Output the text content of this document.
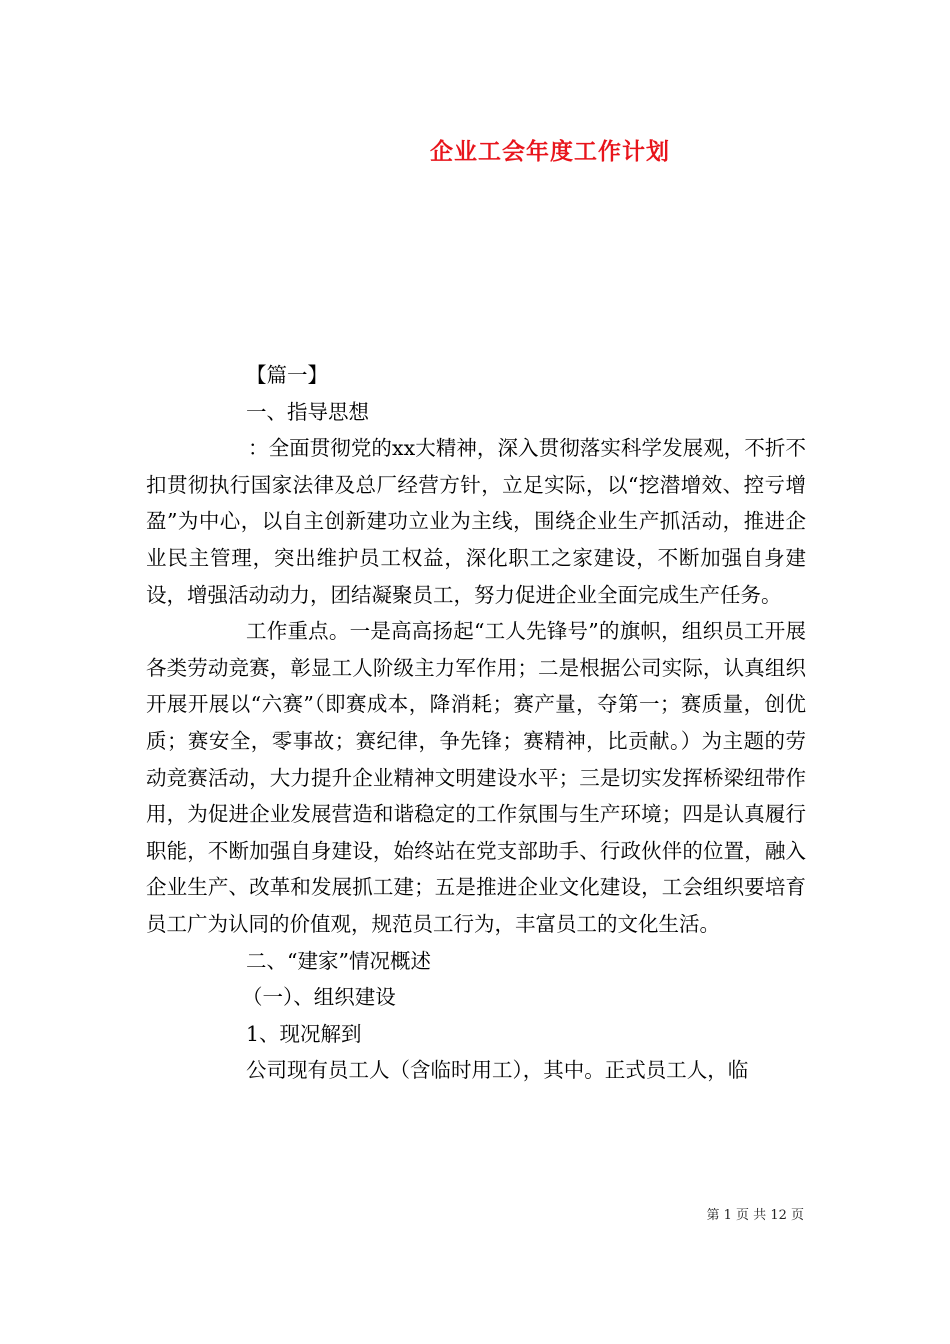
企业工会年度工作计划

【篇一】

一、指导思想

：全面贯彻党的xx大精神，深入贯彻落实科学发展观，不折不扣贯彻执行国家法律及总厂经营方针，立足实际，以“挖潜增效、控亏增盈”为中心，以自主创新建功立业为主线，围绕企业生产抓活动，推进企业民主管理，突出维护员工权益，深化职工之家建设，不断加强自身建设，增强活动动力，团结凝聚员工，努力促进企业全面完成生产任务。

工作重点。一是高高扬起“工人先锋号”的旗帜，组织员工开展各类劳动竞赛，彰显工人阶级主力军作用；二是根据公司实际，认真组织开展开展以“六赛”（即赛成本，降消耗；赛产量，夺第一；赛质量，创优质；赛安全，零事故；赛纪律，争先锋；赛精神，比贡献。）为主题的劳动竞赛活动，大力提升企业精神文明建设水平；三是切实发挥桥梁纽带作用，为促进企业发展营造和谐稳定的工作氛围与生产环境；四是认真履行职能，不断加强自身建设，始终站在党支部助手、行政伙伴的位置，融入企业生产、改革和发展抓工建；五是推进企业文化建设，工会组织要培育员工广为认同的价值观，规范员工行为，丰富员工的文化生活。

二、“建家”情况概述

（一）、组织建设

1、现况解到

公司现有员工人（含临时用工），其中。正式员工人，临

第 1 页 共 12 页
